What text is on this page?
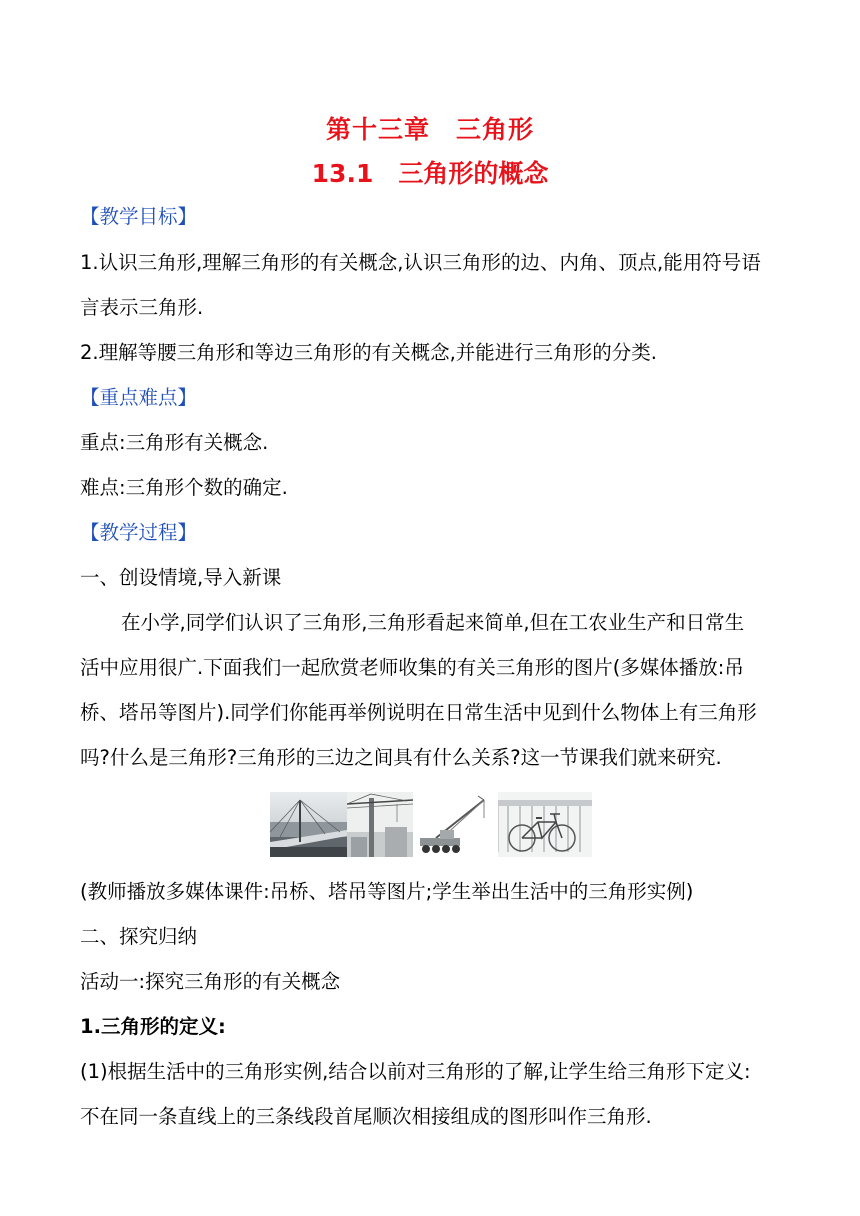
第十三章　三角形
13.1　三角形的概念
【教学目标】
1.认识三角形,理解三角形的有关概念,认识三角形的边、内角、顶点,能用符号语
言表示三角形.
2.理解等腰三角形和等边三角形的有关概念,并能进行三角形的分类.
【重点难点】
重点:三角形有关概念.
难点:三角形个数的确定.
【教学过程】
一、创设情境,导入新课
在小学,同学们认识了三角形,三角形看起来简单,但在工农业生产和日常生
活中应用很广.下面我们一起欣赏老师收集的有关三角形的图片(多媒体播放:吊
桥、塔吊等图片).同学们你能再举例说明在日常生活中见到什么物体上有三角形
吗?什么是三角形?三角形的三边之间具有什么关系?这一节课我们就来研究.
(教师播放多媒体课件:吊桥、塔吊等图片;学生举出生活中的三角形实例)
二、探究归纳
活动一:探究三角形的有关概念
1.三角形的定义:
(1)根据生活中的三角形实例,结合以前对三角形的了解,让学生给三角形下定义:
不在同一条直线上的三条线段首尾顺次相接组成的图形叫作三角形.
